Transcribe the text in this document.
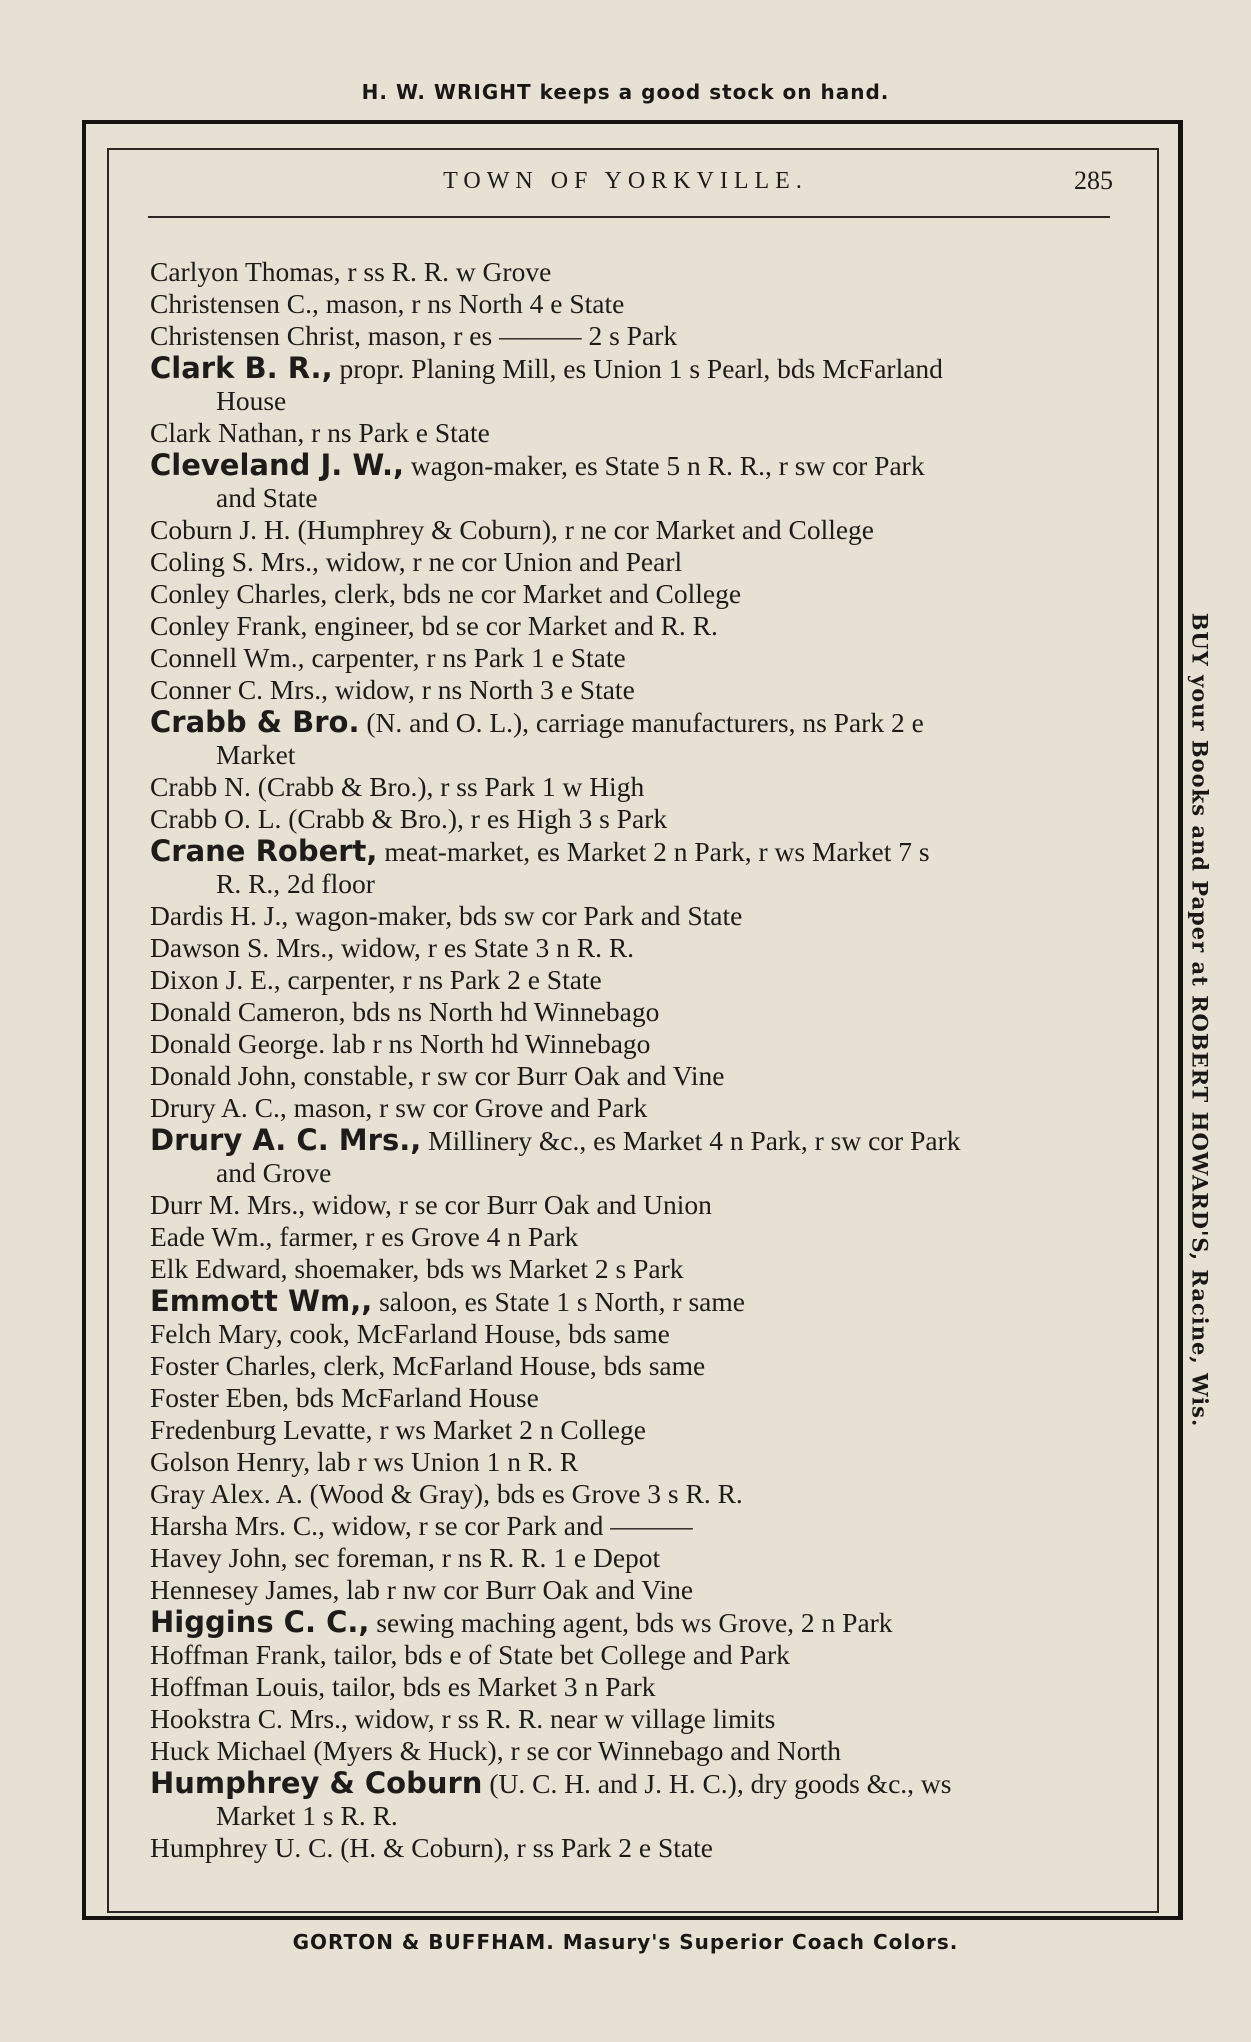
H. W. WRIGHT keeps a good stock on hand.
TOWN OF YORKVILLE.	285
BUY your Books and Paper at ROBERT HOWARD'S, Racine, Wis.
Carlyon Thomas, r ss R. R. w Grove
Christensen C., mason, r ns North 4 e State
Christensen Christ, mason, r es ——— 2 s Park
Clark B. R., propr. Planing Mill, es Union 1 s Pearl, bds McFarland
House
Clark Nathan, r ns Park e State
Cleveland J. W., wagon-maker, es State 5 n R. R., r sw cor Park
and State
Coburn J. H. (Humphrey & Coburn), r ne cor Market and College
Coling S. Mrs., widow, r ne cor Union and Pearl
Conley Charles, clerk, bds ne cor Market and College
Conley Frank, engineer, bd se cor Market and R. R.
Connell Wm., carpenter, r ns Park 1 e State
Conner C. Mrs., widow, r ns North 3 e State
Crabb & Bro. (N. and O. L.), carriage manufacturers, ns Park 2 e
Market
Crabb N. (Crabb & Bro.), r ss Park 1 w High
Crabb O. L. (Crabb & Bro.), r es High 3 s Park
Crane Robert, meat-market, es Market 2 n Park, r ws Market 7 s
R. R., 2d floor
Dardis H. J., wagon-maker, bds sw cor Park and State
Dawson S. Mrs., widow, r es State 3 n R. R.
Dixon J. E., carpenter, r ns Park 2 e State
Donald Cameron, bds ns North hd Winnebago
Donald George. lab r ns North hd Winnebago
Donald John, constable, r sw cor Burr Oak and Vine
Drury A. C., mason, r sw cor Grove and Park
Drury A. C. Mrs., Millinery &c., es Market 4 n Park, r sw cor Park
and Grove
Durr M. Mrs., widow, r se cor Burr Oak and Union
Eade Wm., farmer, r es Grove 4 n Park
Elk Edward, shoemaker, bds ws Market 2 s Park
Emmott Wm,, saloon, es State 1 s North, r same
Felch Mary, cook, McFarland House, bds same
Foster Charles, clerk, McFarland House, bds same
Foster Eben, bds McFarland House
Fredenburg Levatte, r ws Market 2 n College
Golson Henry, lab r ws Union 1 n R. R
Gray Alex. A. (Wood & Gray), bds es Grove 3 s R. R.
Harsha Mrs. C., widow, r se cor Park and ———
Havey John, sec foreman, r ns R. R. 1 e Depot
Hennesey James, lab r nw cor Burr Oak and Vine
Higgins C. C., sewing maching agent, bds ws Grove, 2 n Park
Hoffman Frank, tailor, bds e of State bet College and Park
Hoffman Louis, tailor, bds es Market 3 n Park
Hookstra C. Mrs., widow, r ss R. R. near w village limits
Huck Michael (Myers & Huck), r se cor Winnebago and North
Humphrey & Coburn (U. C. H. and J. H. C.), dry goods &c., ws
Market 1 s R. R.
Humphrey U. C. (H. & Coburn), r ss Park 2 e State
GORTON & BUFFHAM. Masury's Superior Coach Colors.
